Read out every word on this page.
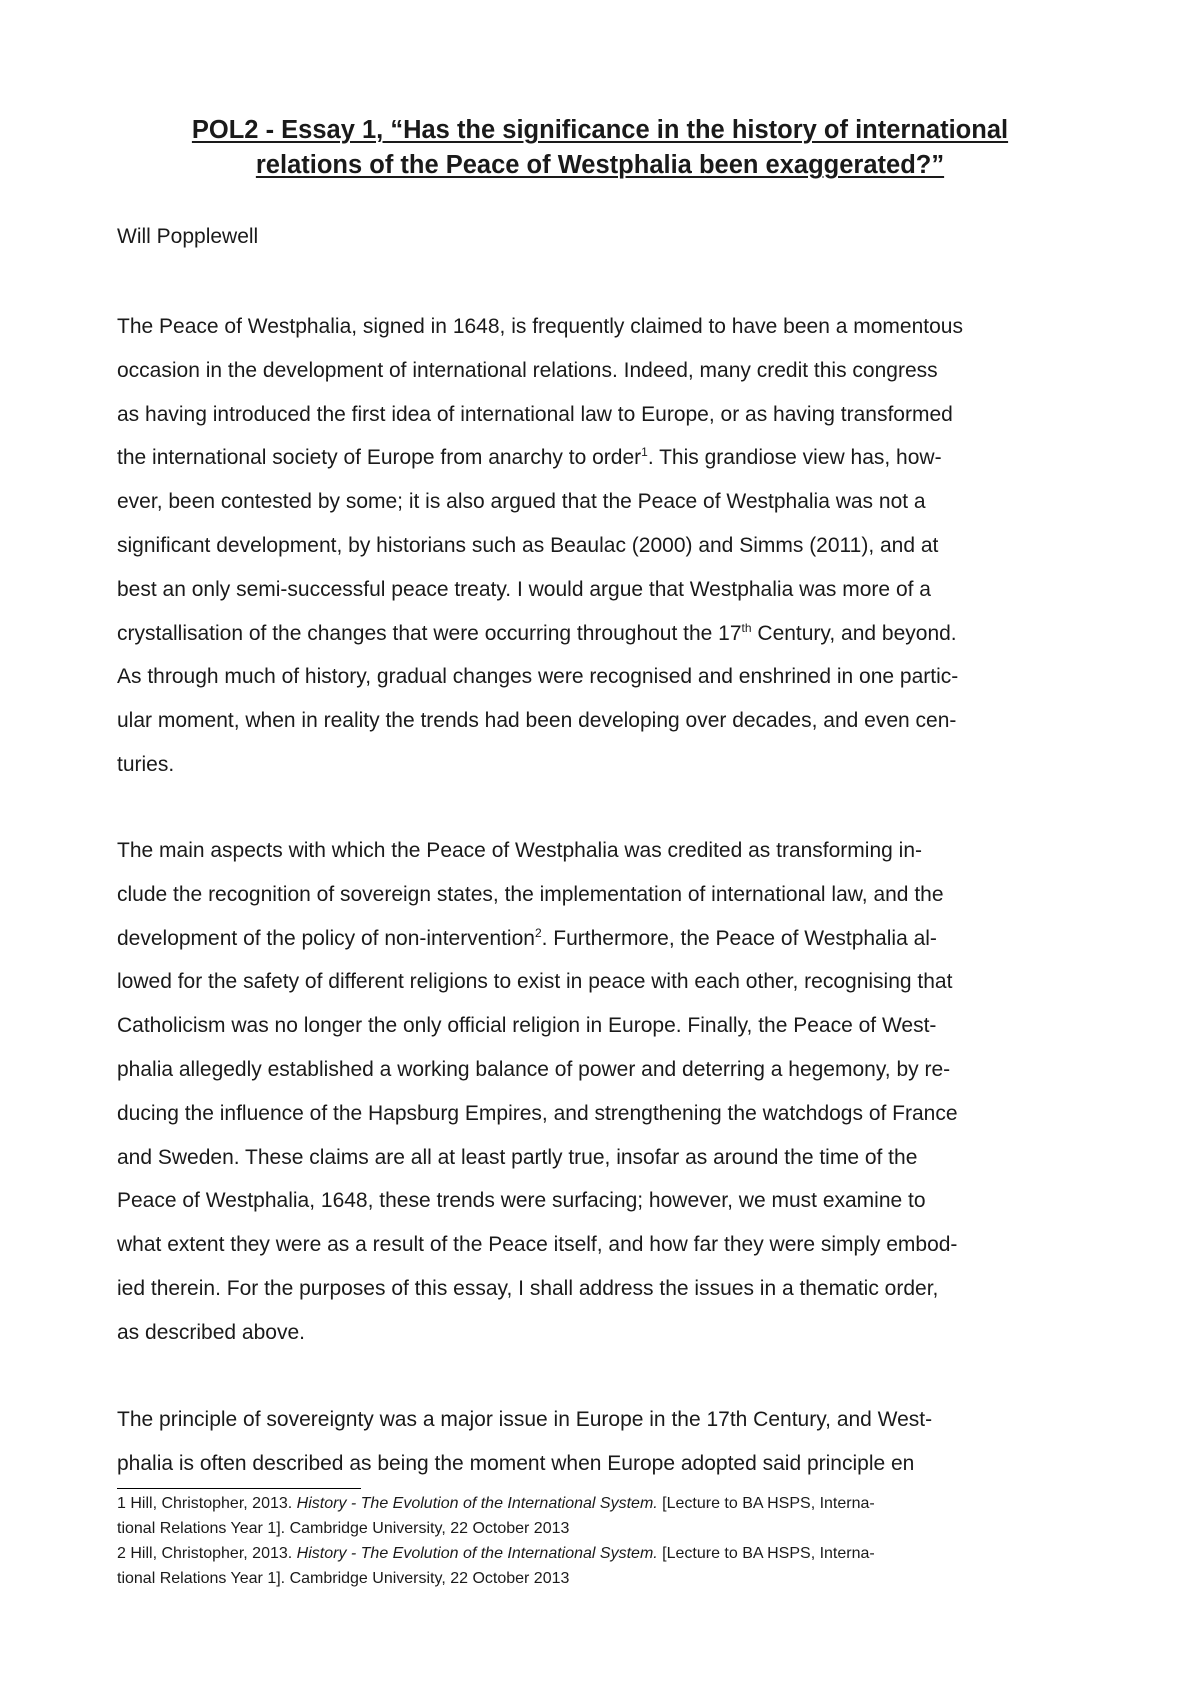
POL2 - Essay 1, “Has the significance in the history of international
relations of the Peace of Westphalia been exaggerated?”

Will Popplewell

The Peace of Westphalia, signed in 1648, is frequently claimed to have been a momentous
occasion in the development of international relations. Indeed, many credit this congress
as having introduced the first idea of international law to Europe, or as having transformed
the international society of Europe from anarchy to order$^1$. This grandiose view has, how-
ever, been contested by some; it is also argued that the Peace of Westphalia was not a
significant development, by historians such as Beaulac (2000) and Simms (2011), and at
best an only semi-successful peace treaty. I would argue that Westphalia was more of a
crystallisation of the changes that were occurring throughout the 17th Century, and beyond.
As through much of history, gradual changes were recognised and enshrined in one partic-
ular moment, when in reality the trends had been developing over decades, and even cen-
turies.
The main aspects with which the Peace of Westphalia was credited as transforming in-
clude the recognition of sovereign states, the implementation of international law, and the
development of the policy of non-intervention$^2$. Furthermore, the Peace of Westphalia al-
lowed for the safety of different religions to exist in peace with each other, recognising that
Catholicism was no longer the only official religion in Europe. Finally, the Peace of West-
phalia allegedly established a working balance of power and deterring a hegemony, by re-
ducing the influence of the Hapsburg Empires, and strengthening the watchdogs of France
and Sweden. These claims are all at least partly true, insofar as around the time of the
Peace of Westphalia, 1648, these trends were surfacing; however, we must examine to
what extent they were as a result of the Peace itself, and how far they were simply embod-
ied therein. For the purposes of this essay, I shall address the issues in a thematic order,
as described above.
The principle of sovereignty was a major issue in Europe in the 17th Century, and West-
phalia is often described as being the moment when Europe adopted said principle en
1 Hill, Christopher, 2013. History - The Evolution of the International System. [Lecture to BA HSPS, Interna-
tional Relations Year 1]. Cambridge University, 22 October 2013
2 Hill, Christopher, 2013. History - The Evolution of the International System. [Lecture to BA HSPS, Interna-
tional Relations Year 1]. Cambridge University, 22 October 2013
